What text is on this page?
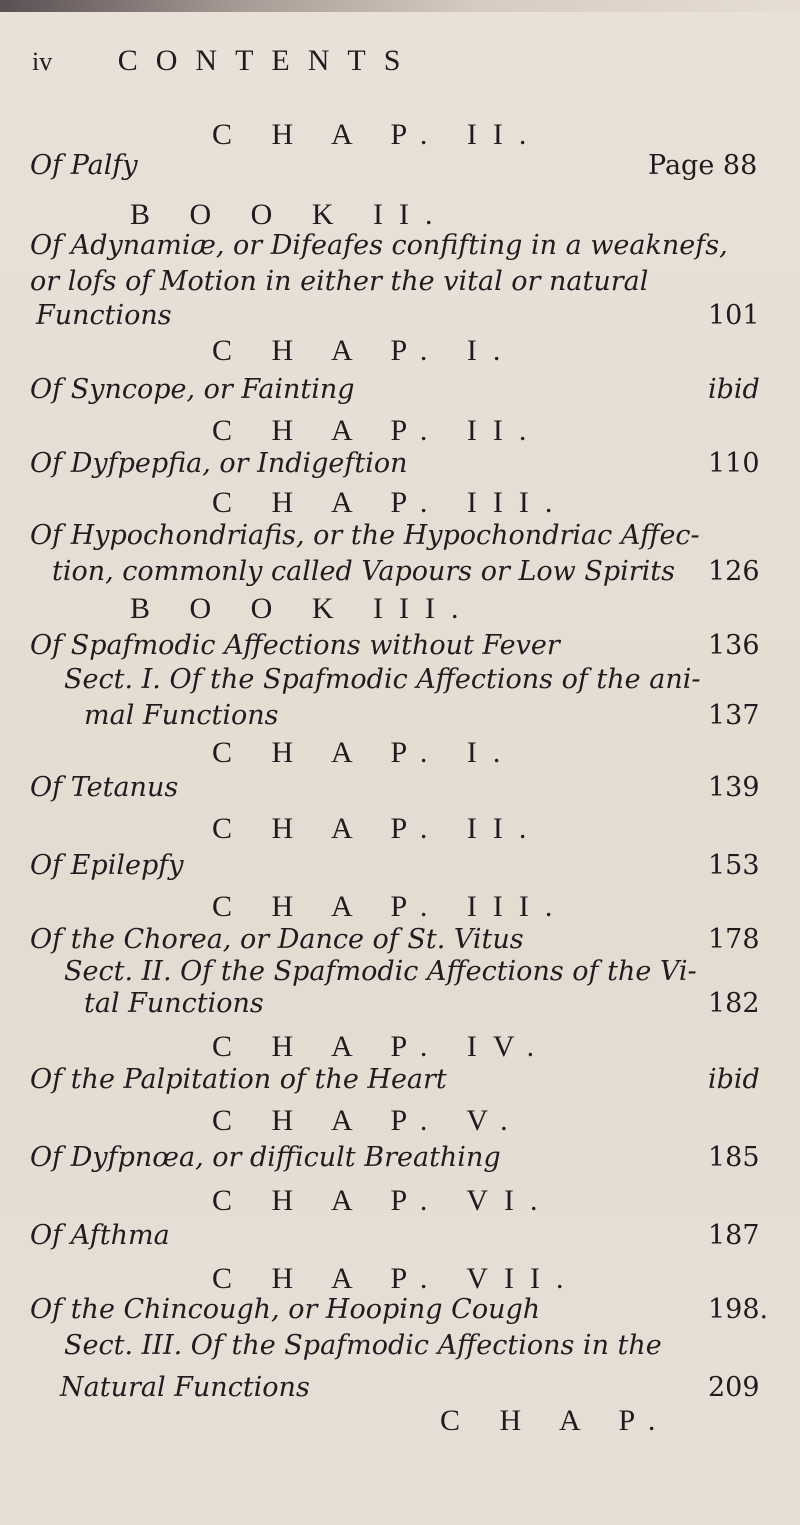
iv CONTENTS
C H A P. II.
Of Palfy	Page 88
B O O K II.
Of Adynamiæ, or Difeafes confifting in a weaknefs,
or lofs of Motion in either the vital or natural
Functions	101
C H A P. I.
Of Syncope, or Fainting	ibid
C H A P. II.
Of Dyfpepfia, or Indigeftion	110
C H A P. III.
Of Hypochondriafis, or the Hypochondriac Affec-
tion, commonly called Vapours or Low Spirits 126
B O O K III.
Of Spafmodic Affections without Fever	136
Sect. I. Of the Spafmodic Affections of the ani-
mal Functions	137
C H A P. I.
Of Tetanus	139
C H A P. II.
Of Epilepfy	153
C H A P. III.
Of the Chorea, or Dance of St. Vitus	178
Sect. II. Of the Spafmodic Affections of the Vi-
tal Functions	182
C H A P. IV.
Of the Palpitation of the Heart	ibid
C H A P. V.
Of Dyfpnœa, or difficult Breathing	185
C H A P. VI.
Of Afthma	187
C H A P. VII.
Of the Chincough, or Hooping Cough	198.
Sect. III. Of the Spafmodic Affections in the
Natural Functions	209
C H A P.
